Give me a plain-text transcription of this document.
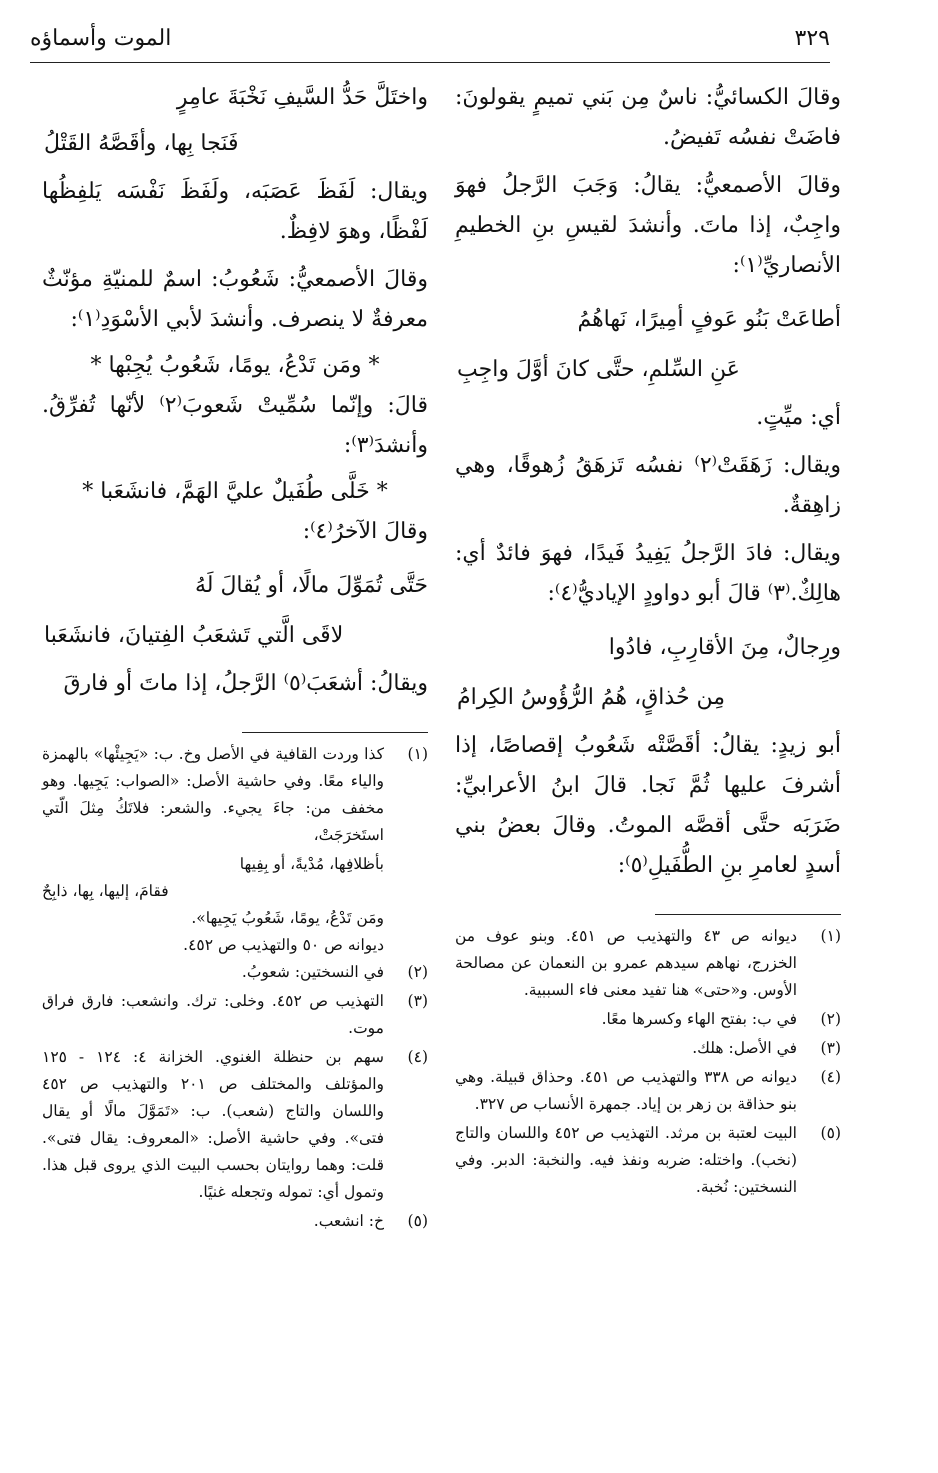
٣٢٩
الموت وأسماؤه

وقالَ الكسائيُّ: ناسٌ مِن بَني تميمٍ يقولونَ: فاضَتْ نفسُه تَفيضُ.

وقالَ الأصمعيُّ: يقالُ: وَجَبَ الرَّجلُ فهوَ واجِبٌ، إذا ماتَ. وأنشدَ لقيسِ بنِ الخطيمِ الأنصاريِّ⁽١⁾:

أطاعَتْ بَنُو عَوفٍ أمِيرًا، نَهاهُمُ
عَنِ السِّلمِ، حتَّى كانَ أوَّلَ واجِبِ

أي: ميِّتٍ.

ويقال: زَهَقَتْ⁽٢⁾ نفسُه تَزهَقُ زُهوقًا، وهي زاهِقةٌ.

ويقال: فادَ الرَّجلُ يَفِيدُ فَيدًا، فهوَ فائدٌ أي: هالِكٌ.⁽٣⁾ قالَ أبو دواودٍ الإياديُّ⁽٤⁾:

ورِجالٌ، مِنَ الأقارِبِ، فادُوا
مِن حُذاقٍ، هُمُ الرُّؤُوسُ الكِرامُ

أبو زيدٍ: يقالُ: أقَصَّتْه شَعُوبُ إقصاصًا، إذا أشرفَ عليها ثُمَّ نَجا. قالَ ابنُ الأعرابيِّ: ضَرَبَه حتَّى أقصَّه الموتُ. وقالَ بعضُ بني أسدٍ لعامرِ بنِ الطُّفَيلِ⁽٥⁾:

(١)
ديوانه ص ٤٣ والتهذيب ص ٤٥١. وبنو عوف من الخزرج، نهاهم سيدهم عمرو بن النعمان عن مصالحة الأوس. و«حتى» هنا تفيد معنى فاء السببية.
(٢)
في ب: بفتح الهاء وكسرها معًا.
(٣)
في الأصل: هلك.
(٤)
ديوانه ص ٣٣٨ والتهذيب ص ٤٥١. وحذاق قبيلة. وهي بنو حذاقة بن زهر بن إياد. جمهرة الأنساب ص ٣٢٧.
(٥)
البيت لعتبة بن مرثد. التهذيب ص ٤٥٢ واللسان والتاج (نخب). واختله: ضربه ونفذ فيه. والنخبة: الدبر. وفي النسختين: نُخبة.
واختَلَّ حَدُّ السَّيفِ نَخْبَةَ عامِرٍ
فَنَجا بِها، وأقَصَّهُ القَتْلُ

ويقال: لَفَظَ عَصَبَه، ولَفَظَ نَفْسَه يَلفِظُها لَفْظًا، وهوَ لافِظٌ.

وقالَ الأصمعيُّ: شَعُوبُ: اسمٌ للمنيّةِ مؤنّثٌ معرفةٌ لا ينصرف. وأنشدَ لأبي الأسْوَدِ⁽١⁾:

* ومَن تَدْعُ، يومًا، شَعُوبُ يُجِبْها *

قالَ: وإنّما سُمِّيتْ شَعوبَ⁽٢⁾ لأنّها تُفرِّقُ. وأنشدَ⁽٣⁾:

* خَلَّى طُفَيلٌ عليَّ الهَمَّ، فانشَعَبا *

وقالَ الآخرُ⁽٤⁾:

حَتَّى تُمَوِّلَ مالًا، أو يُقالَ لَهُ
لاقَى الَّتي تَشعَبُ الفِتيانَ، فانشَعَبا

ويقالُ: أشعَبَ⁽٥⁾ الرَّجلُ، إذا ماتَ أو فارقَ

(١)
كذا وردت القافية في الأصل وخ. ب: «يَجِيئْها» بالهمزة والياء معًا. وفي حاشية الأصل: «الصواب: يَجِيها. وهو مخفف من: جاءَ يجيء. والشعر: فلاتَكُ مِثلَ الّتي استَخرَجَتْ،
بأظلافِها، مُدْيةً، أو بِفِيها
فقامَ، إليها، بِها، ذابِحٌ
ومَن تَدْعُ، يومًا، شَعُوبُ يَجِيها».
ديوانه ص ٥٠ والتهذيب ص ٤٥٢.
(٢)
في النسختين: شعوبُ.
(٣)
التهذيب ص ٤٥٢. وخلى: ترك. وانشعب: فارق فراق موت.
(٤)
سهم بن حنظلة الغنوي. الخزانة ٤: ١٢٤ - ١٢٥ والمؤتلف والمختلف ص ٢٠١ والتهذيب ص ٤٥٢ واللسان والتاج (شعب). ب: «تَمَوَّلَ مالًا أو يقال فتى». وفي حاشية الأصل: «المعروف: يقال فتى». قلت: وهما روايتان بحسب البيت الذي يروى قبل هذا. وتمول أي: تموله وتجعله غنيًا.
(٥)
خ: انشعب.
